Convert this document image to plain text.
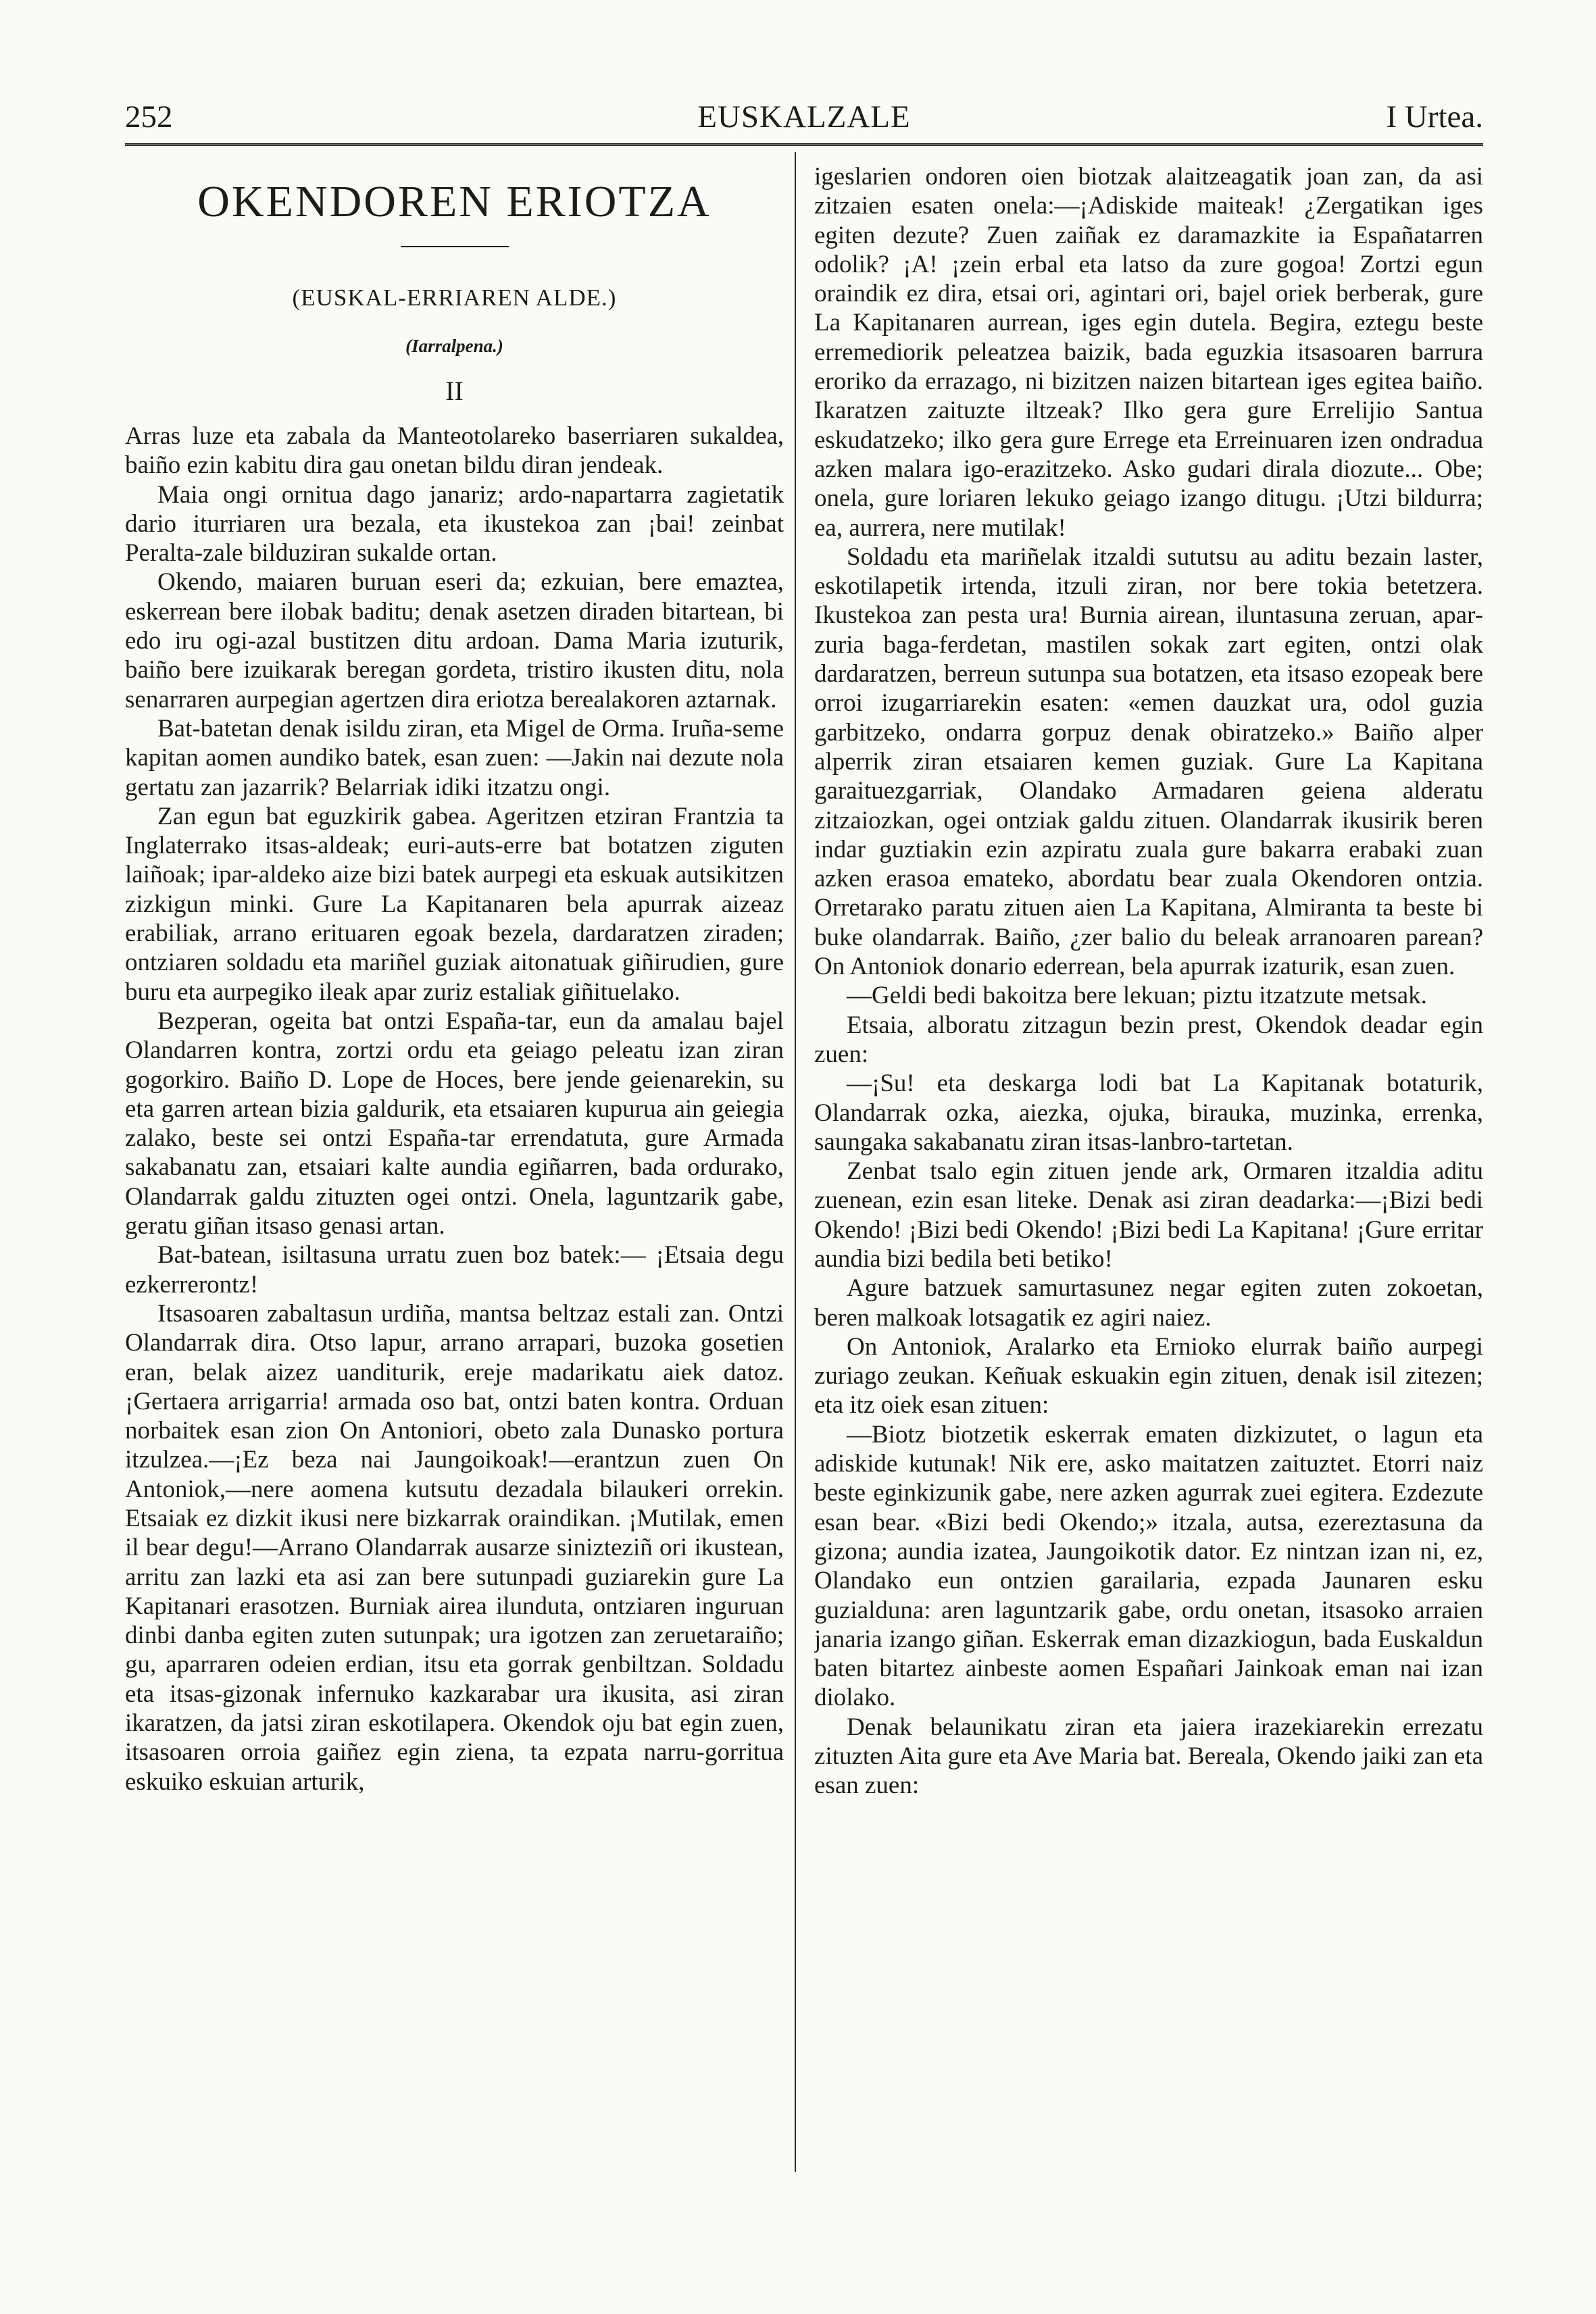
252	EUSKALZALE	I Urtea.
OKENDOREN ERIOTZA
(EUSKAL-ERRIAREN ALDE.)
(Iarralpena.)
II

Arras luze eta zabala da Manteotolareko baserriaren sukaldea, baiño ezin kabitu dira gau onetan bildu diran jendeak.

Maia ongi ornitua dago janariz; ardo-napartarra zagietatik dario iturriaren ura bezala, eta ikustekoa zan ¡bai! zeinbat Peralta-zale bilduziran sukalde ortan.

Okendo, maiaren buruan eseri da; ezkuian, bere emaztea, eskerrean bere ilobak baditu; denak asetzen diraden bitartean, bi edo iru ogi-azal bustitzen ditu ardoan. Dama Maria izuturik, baiño bere izuikarak beregan gordeta, tristiro ikusten ditu, nola senarraren aurpegian agertzen dira eriotza berealakoren aztarnak.

Bat-batetan denak isildu ziran, eta Migel de Orma. Iruña-seme kapitan aomen aundiko batek, esan zuen: —Jakin nai dezute nola gertatu zan jazarrik? Belarriak idiki itzatzu ongi.

Zan egun bat eguzkirik gabea. Ageritzen etziran Frantzia ta Inglaterrako itsas-aldeak; euri-auts-erre bat botatzen ziguten laiñoak; ipar-aldeko aize bizi batek aurpegi eta eskuak autsikitzen zizkigun minki. Gure La Kapitanaren bela apurrak aizeaz erabiliak, arrano erituaren egoak bezela, dardaratzen ziraden; ontziaren soldadu eta mariñel guziak aitonatuak giñirudien, gure buru eta aurpegiko ileak apar zuriz estaliak giñituelako.

Bezperan, ogeita bat ontzi España-tar, eun da amalau bajel Olandarren kontra, zortzi ordu eta geiago peleatu izan ziran gogorkiro. Baiño D. Lope de Hoces, bere jende geienarekin, su eta garren artean bizia galdurik, eta etsaiaren kupurua ain geiegia zalako, beste sei ontzi España-tar errendatuta, gure Armada sakabanatu zan, etsaiari kalte aundia egiñarren, bada ordurako, Olandarrak galdu zituzten ogei ontzi. Onela, laguntzarik gabe, geratu giñan itsaso genasi artan.

Bat-batean, isiltasuna urratu zuen boz batek:— ¡Etsaia degu ezkerrerontz!

Itsasoaren zabaltasun urdiña, mantsa beltzaz estali zan. Ontzi Olandarrak dira. Otso lapur, arrano arrapari, buzoka gosetien eran, belak aizez uanditurik, ereje madarikatu aiek datoz. ¡Gertaera arrigarria! armada oso bat, ontzi baten kontra. Orduan norbaitek esan zion On Antoniori, obeto zala Dunasko portura itzulzea.—¡Ez beza nai Jaungoikoak!—erantzun zuen On Antoniok,—nere aomena kutsutu dezadala bilaukeri orrekin. Etsaiak ez dizkit ikusi nere bizkarrak oraindikan. ¡Mutilak, emen il bear degu!—Arrano Olandarrak ausarze sinizteziñ ori ikustean, arritu zan lazki eta asi zan bere sutunpadi guziarekin gure La Kapitanari erasotzen. Burniak airea ilunduta, ontziaren inguruan dinbi danba egiten zuten sutunpak; ura igotzen zan zeruetaraiño; gu, aparraren odeien erdian, itsu eta gorrak genbiltzan. Soldadu eta itsas-gizonak infernuko kazkarabar ura ikusita, asi ziran ikaratzen, da jatsi ziran eskotilapera. Okendok oju bat egin zuen, itsasoaren orroia gaiñez egin ziena, ta ezpata narru-gorritua eskuiko eskuian arturik,

igeslarien ondoren oien biotzak alaitzeagatik joan zan, da asi zitzaien esaten onela:—¡Adiskide maiteak! ¿Zergatikan iges egiten dezute? Zuen zaiñak ez daramazkite ia Españatarren odolik? ¡A! ¡zein erbal eta latso da zure gogoa! Zortzi egun oraindik ez dira, etsai ori, agintari ori, bajel oriek berberak, gure La Kapitanaren aurrean, iges egin dutela. Begira, eztegu beste erremediorik peleatzea baizik, bada eguzkia itsasoaren barrura eroriko da errazago, ni bizitzen naizen bitartean iges egitea baiño. Ikaratzen zaituzte iltzeak? Ilko gera gure Errelijio Santua eskudatzeko; ilko gera gure Errege eta Erreinuaren izen ondradua azken malara igo-erazitzeko. Asko gudari dirala diozute... Obe; onela, gure loriaren lekuko geiago izango ditugu. ¡Utzi bildurra; ea, aurrera, nere mutilak!

Soldadu eta mariñelak itzaldi sututsu au aditu bezain laster, eskotilapetik irtenda, itzuli ziran, nor bere tokia betetzera. Ikustekoa zan pesta ura! Burnia airean, iluntasuna zeruan, apar-zuria baga-ferdetan, mastilen sokak zart egiten, ontzi olak dardaratzen, berreun sutunpa sua botatzen, eta itsaso ezopeak bere orroi izugarriarekin esaten: «emen dauzkat ura, odol guzia garbitzeko, ondarra gorpuz denak obiratzeko.» Baiño alper alperrik ziran etsaiaren kemen guziak. Gure La Kapitana garaituezgarriak, Olandako Armadaren geiena alderatu zitzaiozkan, ogei ontziak galdu zituen. Olandarrak ikusirik beren indar guztiakin ezin azpiratu zuala gure bakarra erabaki zuan azken erasoa emateko, abordatu bear zuala Okendoren ontzia. Orretarako paratu zituen aien La Kapitana, Almiranta ta beste bi buke olandarrak. Baiño, ¿zer balio du beleak arranoaren parean? On Antoniok donario ederrean, bela apurrak izaturik, esan zuen.

—Geldi bedi bakoitza bere lekuan; piztu itzatzute metsak.

Etsaia, alboratu zitzagun bezin prest, Okendok deadar egin zuen:

—¡Su! eta deskarga lodi bat La Kapitanak botaturik, Olandarrak ozka, aiezka, ojuka, birauka, muzinka, errenka, saungaka sakabanatu ziran itsas-lanbro-tartetan.

Zenbat tsalo egin zituen jende ark, Ormaren itzaldia aditu zuenean, ezin esan liteke. Denak asi ziran deadarka:—¡Bizi bedi Okendo! ¡Bizi bedi Okendo! ¡Bizi bedi La Kapitana! ¡Gure erritar aundia bizi bedila beti betiko!

Agure batzuek samurtasunez negar egiten zuten zokoetan, beren malkoak lotsagatik ez agiri naiez.

On Antoniok, Aralarko eta Ernioko elurrak baiño aurpegi zuriago zeukan. Keñuak eskuakin egin zituen, denak isil zitezen; eta itz oiek esan zituen:

—Biotz biotzetik eskerrak ematen dizkizutet, o lagun eta adiskide kutunak! Nik ere, asko maitatzen zaituztet. Etorri naiz beste eginkizunik gabe, nere azken agurrak zuei egitera. Ezdezute esan bear. «Bizi bedi Okendo;» itzala, autsa, ezereztasuna da gizona; aundia izatea, Jaungoikotik dator. Ez nintzan izan ni, ez, Olandako eun ontzien garailaria, ezpada Jaunaren esku guzialduna: aren laguntzarik gabe, ordu onetan, itsasoko arraien janaria izango giñan. Eskerrak eman dizazkiogun, bada Euskaldun baten bitartez ainbeste aomen Españari Jainkoak eman nai izan diolako.

Denak belaunikatu ziran eta jaiera irazekiarekin errezatu zituzten Aita gure eta Ave Maria bat. Bereala, Okendo jaiki zan eta esan zuen:
